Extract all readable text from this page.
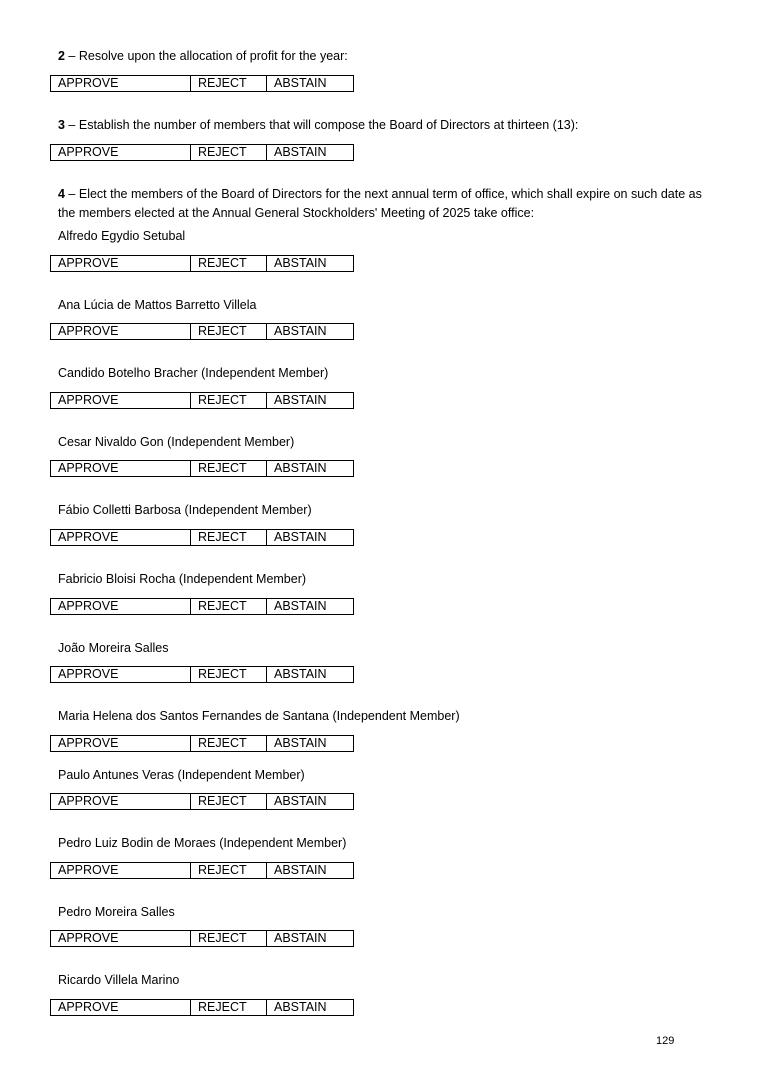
2 – Resolve upon the allocation of profit for the year:

APPROVE	REJECT	ABSTAIN

3 – Establish the number of members that will compose the Board of Directors at thirteen (13):

APPROVE	REJECT	ABSTAIN

4 – Elect the members of the Board of Directors for the next annual term of office, which shall expire on such date as the members elected at the Annual General Stockholders' Meeting of 2025 take office:

Alfredo Egydio Setubal

APPROVE	REJECT	ABSTAIN

Ana Lúcia de Mattos Barretto Villela

APPROVE	REJECT	ABSTAIN

Candido Botelho Bracher (Independent Member)

APPROVE	REJECT	ABSTAIN

Cesar Nivaldo Gon (Independent Member)

APPROVE	REJECT	ABSTAIN

Fábio Colletti Barbosa (Independent Member)

APPROVE	REJECT	ABSTAIN

Fabricio Bloisi Rocha (Independent Member)

APPROVE	REJECT	ABSTAIN

João Moreira Salles

APPROVE	REJECT	ABSTAIN

Maria Helena dos Santos Fernandes de Santana (Independent Member)

APPROVE	REJECT	ABSTAIN

Paulo Antunes Veras (Independent Member)

APPROVE	REJECT	ABSTAIN

Pedro Luiz Bodin de Moraes (Independent Member)

APPROVE	REJECT	ABSTAIN

Pedro Moreira Salles

APPROVE	REJECT	ABSTAIN

Ricardo Villela Marino

APPROVE	REJECT	ABSTAIN
129
